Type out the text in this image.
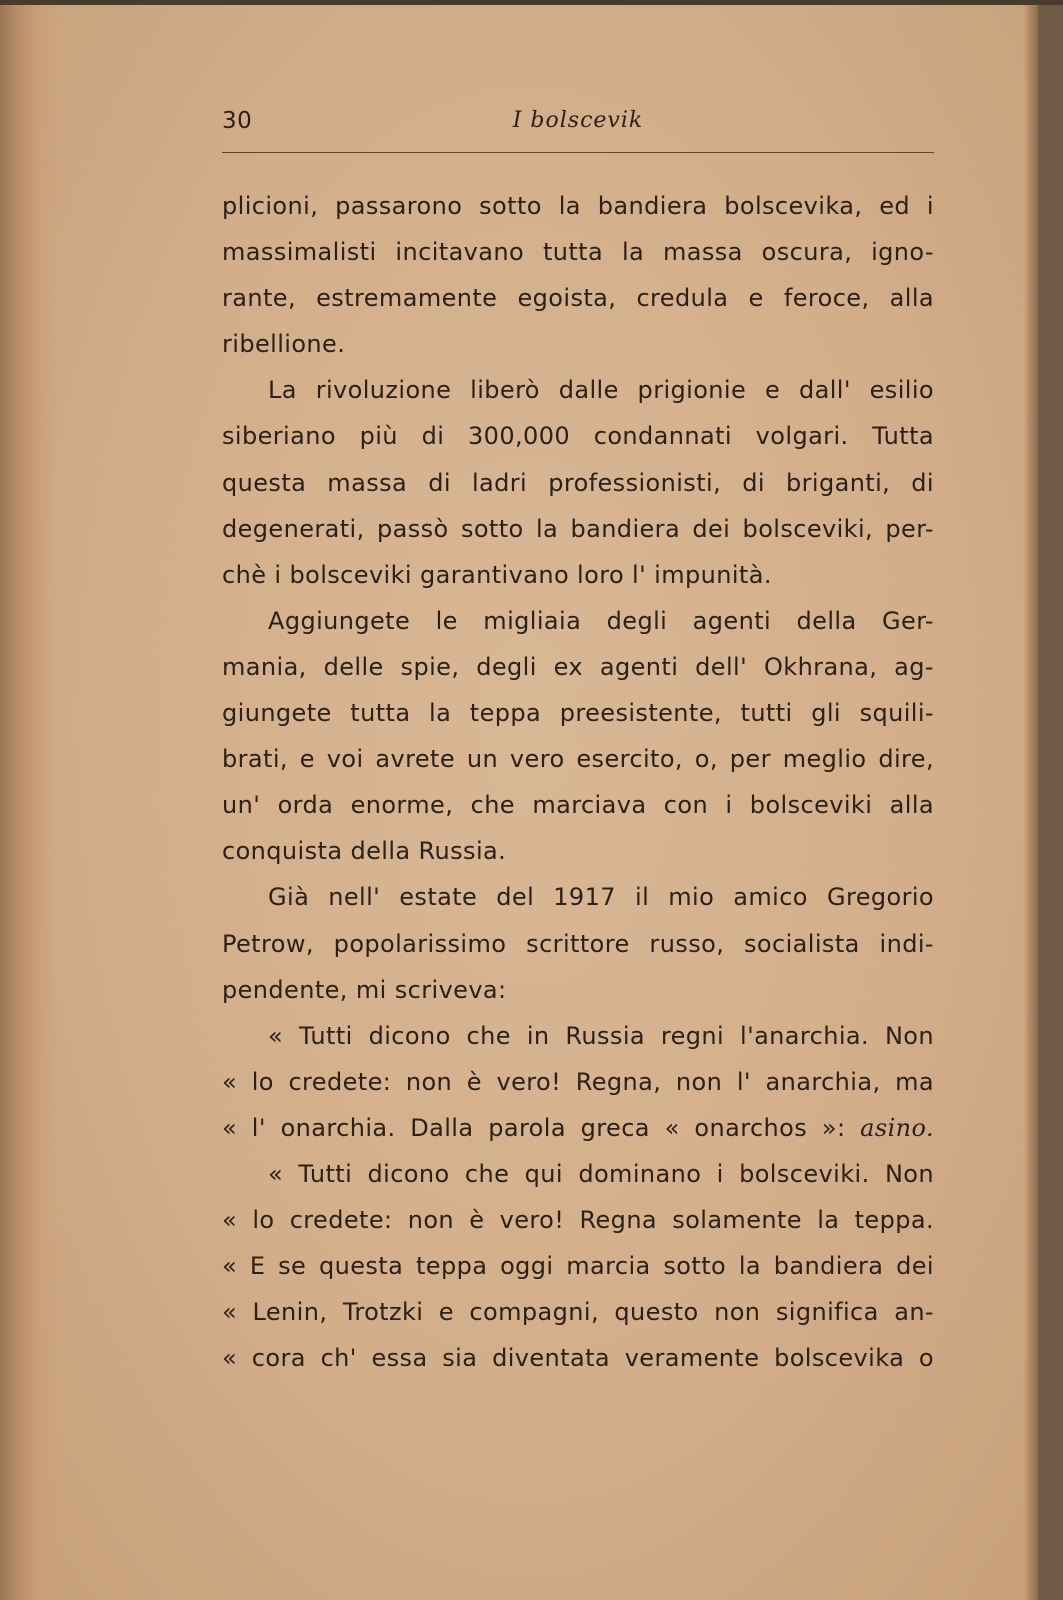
30	I bolscevik
plicioni, passarono sotto la bandiera bolscevika, ed i
massimalisti incitavano tutta la massa oscura, igno-
rante, estremamente egoista, credula e feroce, alla
ribellione.
La rivoluzione liberò dalle prigionie e dall' esilio
siberiano più di 300,000 condannati volgari. Tutta
questa massa di ladri professionisti, di briganti, di
degenerati, passò sotto la bandiera dei bolsceviki, per-
chè i bolsceviki garantivano loro l' impunità.
Aggiungete le migliaia degli agenti della Ger-
mania, delle spie, degli ex agenti dell' Okhrana, ag-
giungete tutta la teppa preesistente, tutti gli squili-
brati, e voi avrete un vero esercito, o, per meglio dire,
un' orda enorme, che marciava con i bolsceviki alla
conquista della Russia.
Già nell' estate del 1917 il mio amico Gregorio
Petrow, popolarissimo scrittore russo, socialista indi-
pendente, mi scriveva:
« Tutti dicono che in Russia regni l'anarchia. Non
« lo credete: non è vero! Regna, non l' anarchia, ma
« l' onarchia. Dalla parola greca « onarchos »: asino.
« Tutti dicono che qui dominano i bolsceviki. Non
« lo credete: non è vero! Regna solamente la teppa.
« E se questa teppa oggi marcia sotto la bandiera dei
« Lenin, Trotzki e compagni, questo non significa an-
« cora ch' essa sia diventata veramente bolscevika o
